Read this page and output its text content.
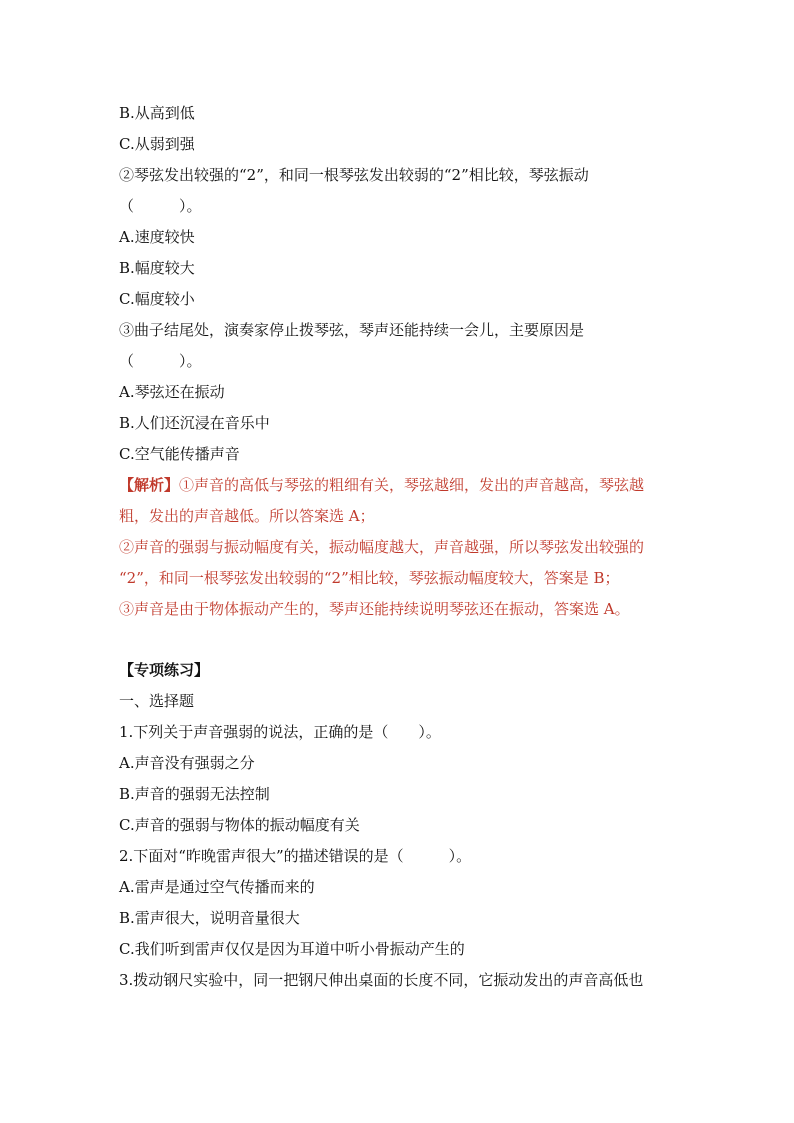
B.从高到低
C.从弱到强
②琴弦发出较强的“2”，和同一根琴弦发出较弱的“2”相比较，琴弦振动
（　　　）。
A.速度较快
B.幅度较大
C.幅度较小
③曲子结尾处，演奏家停止拨琴弦，琴声还能持续一会儿，主要原因是
（　　　）。
A.琴弦还在振动
B.人们还沉浸在音乐中
C.空气能传播声音
【解析】①声音的高低与琴弦的粗细有关，琴弦越细，发出的声音越高，琴弦越
粗，发出的声音越低。所以答案选 A；
②声音的强弱与振动幅度有关，振动幅度越大，声音越强，所以琴弦发出较强的
“2”，和同一根琴弦发出较弱的“2”相比较，琴弦振动幅度较大，答案是 B；
③声音是由于物体振动产生的，琴声还能持续说明琴弦还在振动，答案选 A。
【专项练习】
一、选择题
1.下列关于声音强弱的说法，正确的是（　　）。
A.声音没有强弱之分
B.声音的强弱无法控制
C.声音的强弱与物体的振动幅度有关
2.下面对“昨晚雷声很大”的描述错误的是（　　　）。
A.雷声是通过空气传播而来的
B.雷声很大，说明音量很大
C.我们听到雷声仅仅是因为耳道中听小骨振动产生的
3.拨动钢尺实验中，同一把钢尺伸出桌面的长度不同，它振动发出的声音高低也
